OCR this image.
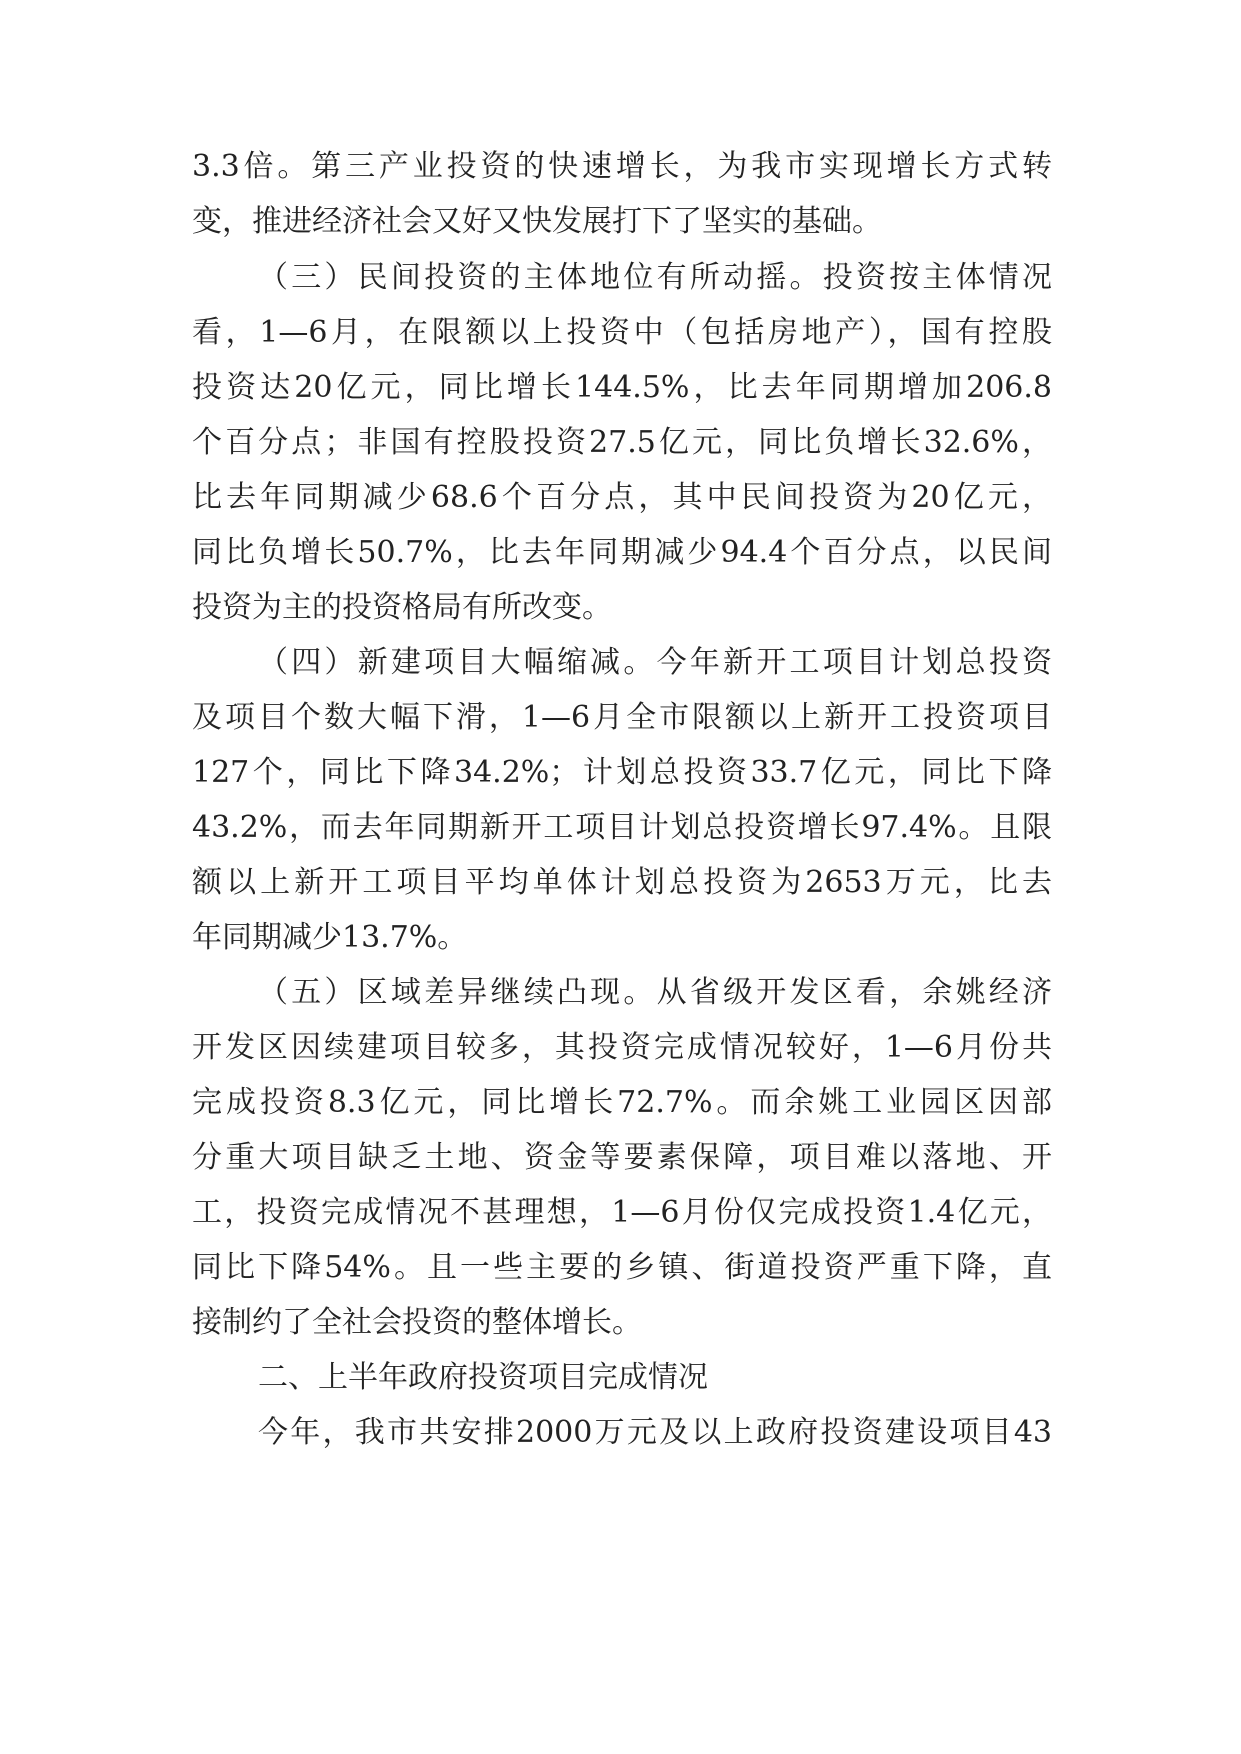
3.3倍。第三产业投资的快速增长，为我市实现增长方式转

变，推进经济社会又好又快发展打下了坚实的基础。

（三）民间投资的主体地位有所动摇。投资按主体情况

看，1—6月，在限额以上投资中（包括房地产），国有控股

投资达20亿元，同比增长144.5%，比去年同期增加206.8

个百分点；非国有控股投资27.5亿元，同比负增长32.6%，

比去年同期减少68.6个百分点，其中民间投资为20亿元，

同比负增长50.7%，比去年同期减少94.4个百分点，以民间

投资为主的投资格局有所改变。

（四）新建项目大幅缩减。今年新开工项目计划总投资

及项目个数大幅下滑，1—6月全市限额以上新开工投资项目

127个，同比下降34.2%；计划总投资33.7亿元，同比下降

43.2%，而去年同期新开工项目计划总投资增长97.4%。且限

额以上新开工项目平均单体计划总投资为2653万元，比去

年同期减少13.7%。

（五）区域差异继续凸现。从省级开发区看，余姚经济

开发区因续建项目较多，其投资完成情况较好，1—6月份共

完成投资8.3亿元，同比增长72.7%。而余姚工业园区因部

分重大项目缺乏土地、资金等要素保障，项目难以落地、开

工，投资完成情况不甚理想，1—6月份仅完成投资1.4亿元，

同比下降54%。且一些主要的乡镇、街道投资严重下降，直

接制约了全社会投资的整体增长。

二、上半年政府投资项目完成情况

今年，我市共安排2000万元及以上政府投资建设项目43
